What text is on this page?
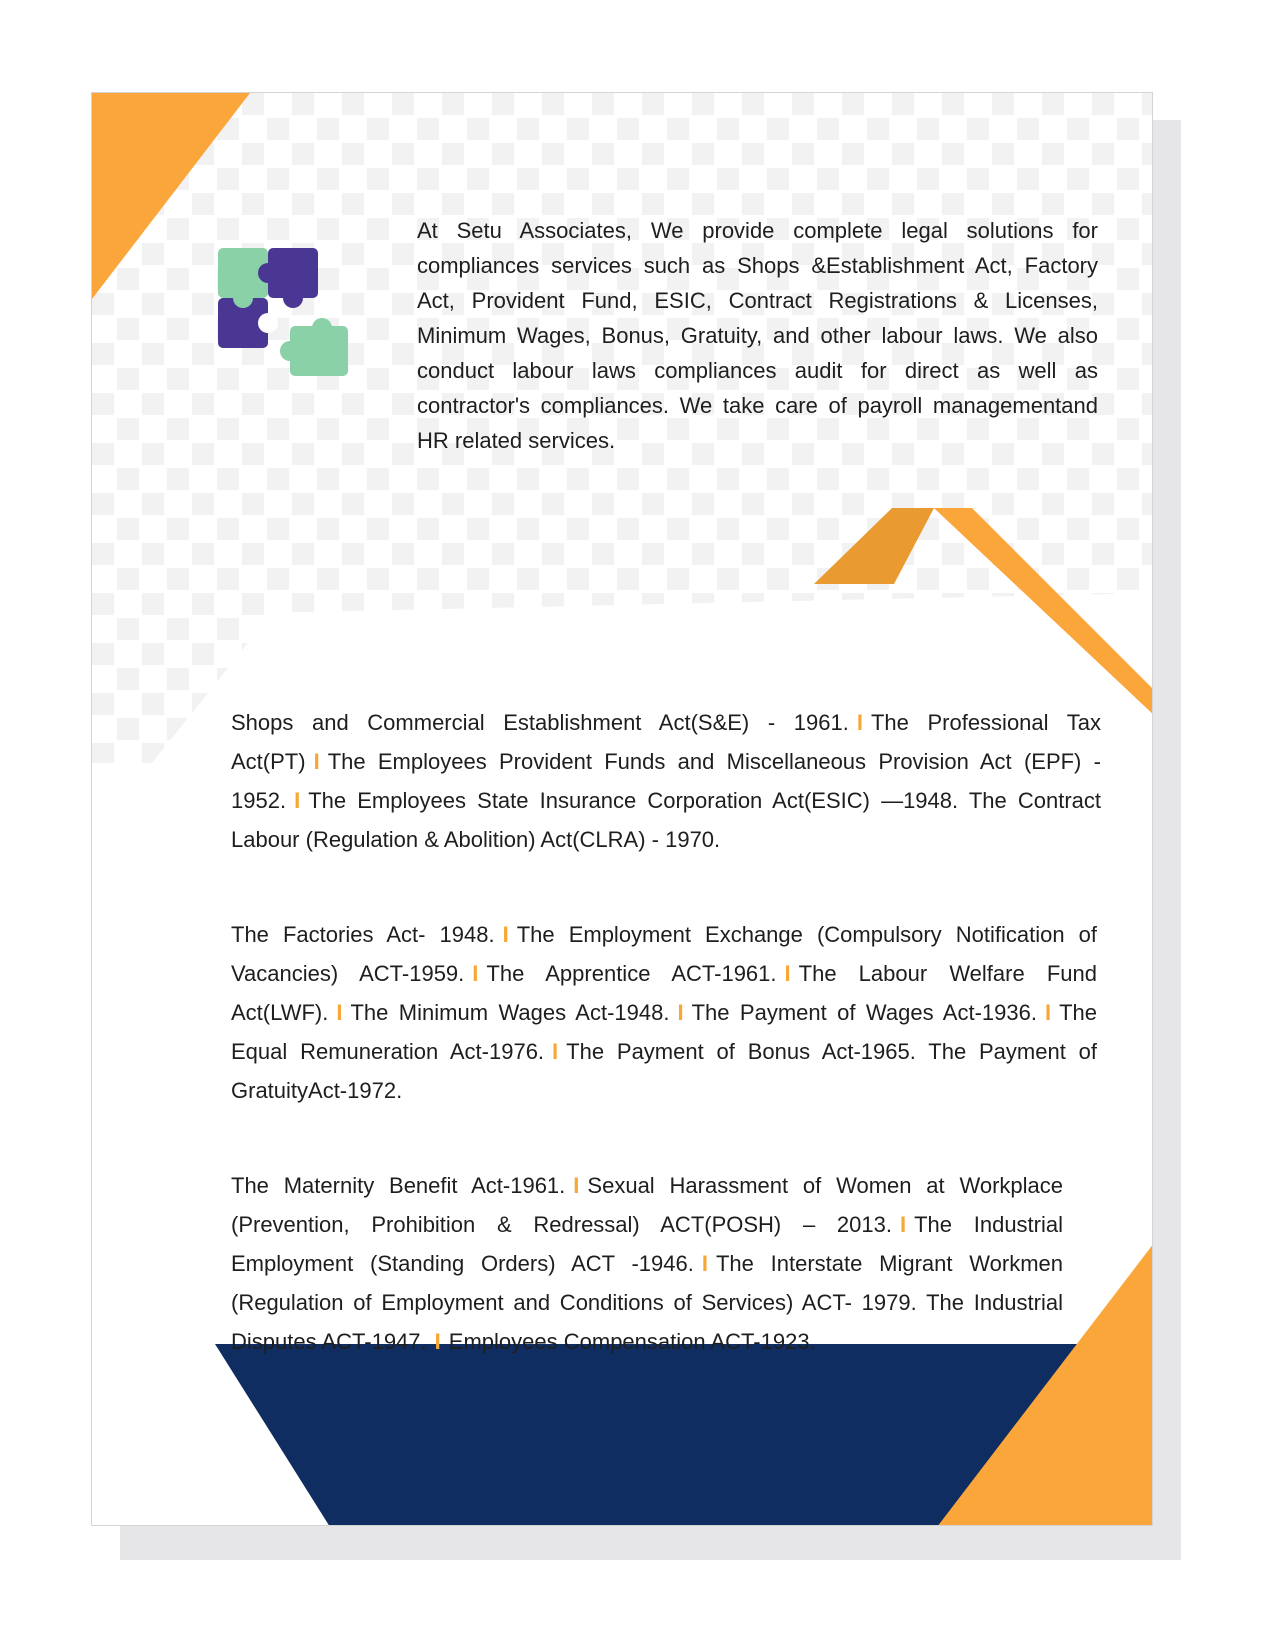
At Setu Associates, We provide complete legal solutions for compliances services such as Shops &Establishment Act, Factory Act, Provident Fund, ESIC, Contract Registrations & Licenses, Minimum Wages, Bonus, Gratuity, and other labour laws. We also conduct labour laws compliances audit for direct as well as contractor's compliances. We take care of payroll managementand HR related services.

Shops and Commercial Establishment Act(S&E) - 1961. I The Professional Tax Act(PT) I The Employees Provident Funds and Miscellaneous Provision Act (EPF) - 1952. I The Employees State Insurance Corporation Act(ESIC) —1948. The Contract Labour (Regulation & Abolition) Act(CLRA) - 1970.

The Factories Act- 1948. I The Employment Exchange (Compulsory Notification of Vacancies) ACT-1959. I The Apprentice ACT-1961. I The Labour Welfare Fund Act(LWF). I The Minimum Wages Act-1948. I The Payment of Wages Act-1936. I The Equal Remuneration Act-1976. I The Payment of Bonus Act-1965. The Payment of GratuityAct-1972.

The Maternity Benefit Act-1961. I Sexual Harassment of Women at Workplace (Prevention, Prohibition & Redressal) ACT(POSH) – 2013. I The Industrial Employment (Standing Orders) ACT -1946. I The Interstate Migrant Workmen (Regulation of Employment and Conditions of Services) ACT- 1979. The Industrial Disputes ACT-1947. I Employees Compensation ACT-1923.
